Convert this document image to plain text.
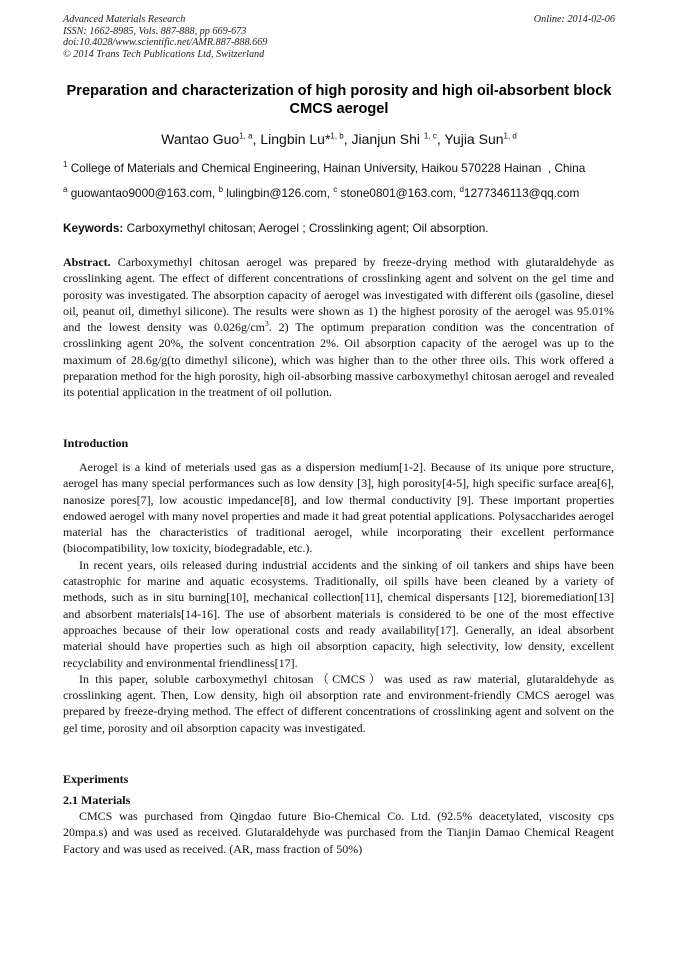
Advanced Materials Research
ISSN: 1662-8985, Vols. 887-888, pp 669-673
doi:10.4028/www.scientific.net/AMR.887-888.669
© 2014 Trans Tech Publications Ltd, Switzerland
Online: 2014-02-06
Preparation and characterization of high porosity and high oil-absorbent block CMCS aerogel
Wantao Guo$^{1, a}$, Lingbin Lu*$^{1, b}$, Jianjun Shi $^{1, c}$, Yujia Sun$^{1, d}$
$^1$ College of Materials and Chemical Engineering, Hainan University, Haikou 570228 Hainan  , China
$^a$ guowantao9000@163.com, $^b$ lulingbin@126.com, $^c$ stone0801@163.com, $^d$1277346113@qq.com
Keywords: Carboxymethyl chitosan; Aerogel ; Crosslinking agent; Oil absorption.
Abstract. Carboxymethyl chitosan aerogel was prepared by freeze-drying method with glutaraldehyde as crosslinking agent. The effect of different concentrations of crosslinking agent and solvent on the gel time and porosity was investigated. The absorption capacity of aerogel was investigated with different oils (gasoline, diesel oil, peanut oil, dimethyl silicone). The results were shown as 1) the highest porosity of the aerogel was 95.01% and the lowest density was $0.026g/cm^3$. 2) The optimum preparation condition was the concentration of crosslinking agent 20%, the solvent concentration 2%. Oil absorption capacity of the aerogel was up to the maximum of 28.6g/g(to dimethyl silicone), which was higher than to the other three oils. This work offered a preparation method for the high porosity, high oil-absorbing massive carboxymethyl chitosan aerogel and revealed its potential application in the treatment of oil pollution.
Introduction

Aerogel is a kind of meterials used gas as a dispersion medium[1-2]. Because of its unique pore structure, aerogel has many special performances such as low density [3], high porosity[4-5], high specific surface area[6], nanosize pores[7], low acoustic impedance[8], and low thermal conductivity [9]. These important properties endowed aerogel with many novel properties and made it had great potential applications. Polysaccharides aerogel material has the characteristics of traditional aerogel, while incorporating their excellent performance (biocompatibility, low toxicity, biodegradable, etc.).

In recent years, oils released during industrial accidents and the sinking of oil tankers and ships have been catastrophic for marine and aquatic ecosystems. Traditionally, oil spills have been cleaned by a variety of methods, such as in situ burning[10], mechanical collection[11], chemical dispersants [12], bioremediation[13] and absorbent materials[14-16]. The use of absorbent materials is considered to be one of the most effective approaches because of their low operational costs and ready availability[17]. Generally, an ideal absorbent material should have properties such as high oil absorption capacity, high selectivity, low density, excellent recyclability and environmental friendliness[17].

In this paper, soluble carboxymethyl chitosan（CMCS）was used as raw material, glutaraldehyde as crosslinking agent. Then, Low density, high oil absorption rate and environment-friendly CMCS aerogel was prepared by freeze-drying method. The effect of different concentrations of crosslinking agent and solvent on the gel time, porosity and oil absorption capacity was investigated.

Experiments
2.1 Materials

CMCS was purchased from Qingdao future Bio-Chemical Co. Ltd. (92.5% deacetylated, viscosity cps 20mpa.s) and was used as received. Glutaraldehyde was purchased from the Tianjin Damao Chemical Reagent Factory and was used as received. (AR, mass fraction of 50%)
